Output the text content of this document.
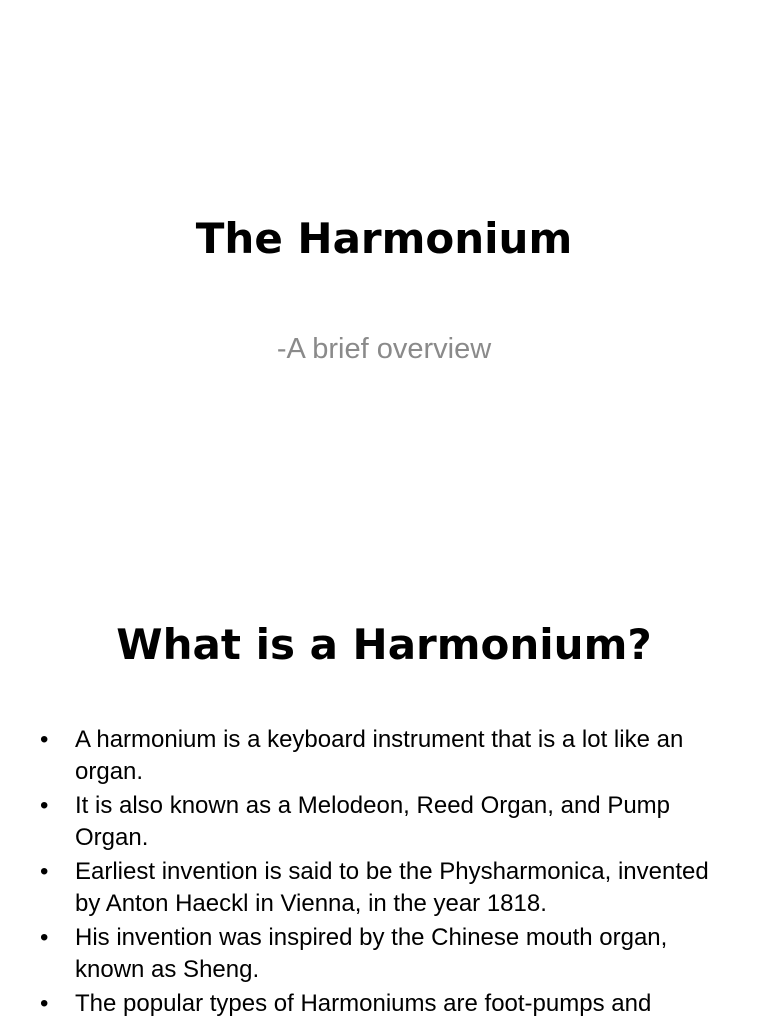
The Harmonium
-A brief overview
What is a Harmonium?
• A harmonium is a keyboard instrument that is a lot like an organ.
• It is also known as a Melodeon, Reed Organ, and Pump Organ.
• Earliest invention is said to be the Physharmonica, invented by Anton Haeckl in Vienna, in the year 1818.
• His invention was inspired by the Chinese mouth organ, known as Sheng.
• The popular types of Harmoniums are foot-pumps and
